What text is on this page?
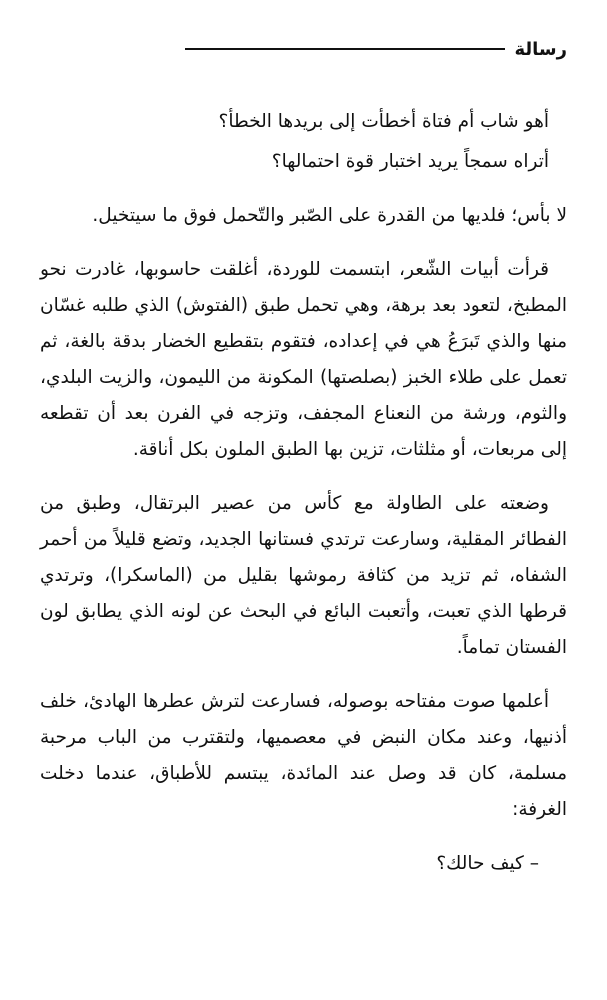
رسالة

أهو شاب أم فتاة أخطأت إلى بريدها الخطأ؟

أتراه سمجاً يريد اختبار قوة احتمالها؟

لا بأس؛ فلديها من القدرة على الصّبر والتّحمل فوق ما سيتخيل.

قرأت أبيات الشّعر، ابتسمت للوردة، أغلقت حاسوبها، غادرت نحو المطبخ، لتعود بعد برهة، وهي تحمل طبق (الفتوش) الذي طلبه غسّان منها والذي تَبرَعُ هي في إعداده، فتقوم بتقطيع الخضار بدقة بالغة، ثم تعمل على طلاء الخبز (بصلصتها) المكونة من الليمون، والزيت البلدي، والثوم، ورشة من النعناع المجفف، وتزجه في الفرن بعد أن تقطعه إلى مربعات، أو مثلثات، تزين بها الطبق الملون بكل أناقة.

وضعته على الطاولة مع كأس من عصير البرتقال، وطبق من الفطائر المقلية، وسارعت ترتدي فستانها الجديد، وتضع قليلاً من أحمر الشفاه، ثم تزيد من كثافة رموشها بقليل من (الماسكرا)، وترتدي قرطها الذي تعبت، وأتعبت البائع في البحث عن لونه الذي يطابق لون الفستان تماماً.

أعلمها صوت مفتاحه بوصوله، فسارعت لترش عطرها الهادئ، خلف أذنيها، وعند مكان النبض في معصميها، ولتقترب من الباب مرحبة مسلمة، كان قد وصل عند المائدة، يبتسم للأطباق، عندما دخلت الغرفة:

– كيف حالك؟
